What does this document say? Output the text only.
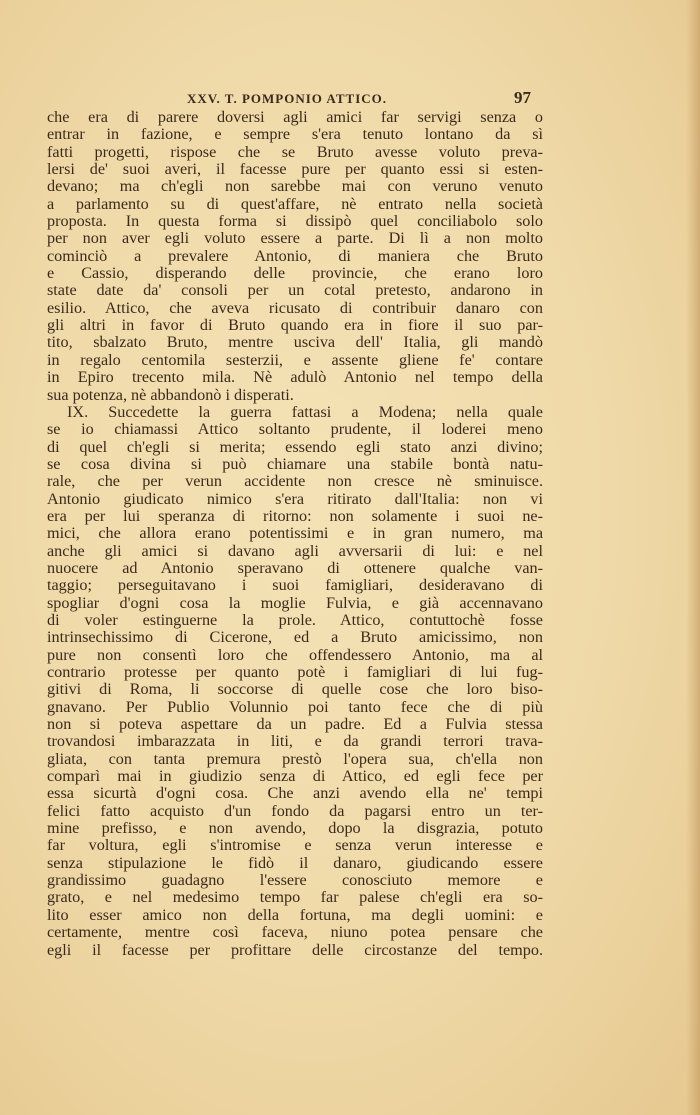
XXV. T. POMPONIO ATTICO.	97
che era di parere doversi agli amici far servigi senza o
entrar in fazione, e sempre s'era tenuto lontano da sì
fatti progetti, rispose che se Bruto avesse voluto preva-
lersi de' suoi averi, il facesse pure per quanto essi si esten-
devano; ma ch'egli non sarebbe mai con veruno venuto
a parlamento su di quest'affare, nè entrato nella società
proposta. In questa forma si dissipò quel conciliabolo solo
per non aver egli voluto essere a parte. Di lì a non molto
cominciò a prevalere Antonio, di maniera che Bruto
e Cassio, disperando delle provincie, che erano loro
state date da' consoli per un cotal pretesto, andarono in
esilio. Attico, che aveva ricusato di contribuir danaro con
gli altri in favor di Bruto quando era in fiore il suo par-
tito, sbalzato Bruto, mentre usciva dell' Italia, gli mandò
in regalo centomila sesterzii, e assente gliene fe' contare
in Epiro trecento mila. Nè adulò Antonio nel tempo della
sua potenza, nè abbandonò i disperati.
IX. Succedette la guerra fattasi a Modena; nella quale
se io chiamassi Attico soltanto prudente, il loderei meno
di quel ch'egli si merita; essendo egli stato anzi divino;
se cosa divina si può chiamare una stabile bontà natu-
rale, che per verun accidente non cresce nè sminuisce.
Antonio giudicato nimico s'era ritirato dall'Italia: non vi
era per lui speranza di ritorno: non solamente i suoi ne-
mici, che allora erano potentissimi e in gran numero, ma
anche gli amici si davano agli avversarii di lui: e nel
nuocere ad Antonio speravano di ottenere qualche van-
taggio; perseguitavano i suoi famigliari, desideravano di
spogliar d'ogni cosa la moglie Fulvia, e già accennavano
di voler estinguerne la prole. Attico, contuttochè fosse
intrinsechissimo di Cicerone, ed a Bruto amicissimo, non
pure non consentì loro che offendessero Antonio, ma al
contrario protesse per quanto potè i famigliari di lui fug-
gitivi di Roma, li soccorse di quelle cose che loro biso-
gnavano. Per Publio Volunnio poi tanto fece che di più
non si poteva aspettare da un padre. Ed a Fulvia stessa
trovandosi imbarazzata in liti, e da grandi terrori trava-
gliata, con tanta premura prestò l'opera sua, ch'ella non
comparì mai in giudizio senza di Attico, ed egli fece per
essa sicurtà d'ogni cosa. Che anzi avendo ella ne' tempi
felici fatto acquisto d'un fondo da pagarsi entro un ter-
mine prefisso, e non avendo, dopo la disgrazia, potuto
far voltura, egli s'intromise e senza verun interesse e
senza stipulazione le fidò il danaro, giudicando essere
grandissimo guadagno l'essere conosciuto memore e
grato, e nel medesimo tempo far palese ch'egli era so-
lito esser amico non della fortuna, ma degli uomini: e
certamente, mentre così faceva, niuno potea pensare che
egli il facesse per profittare delle circostanze del tempo.
